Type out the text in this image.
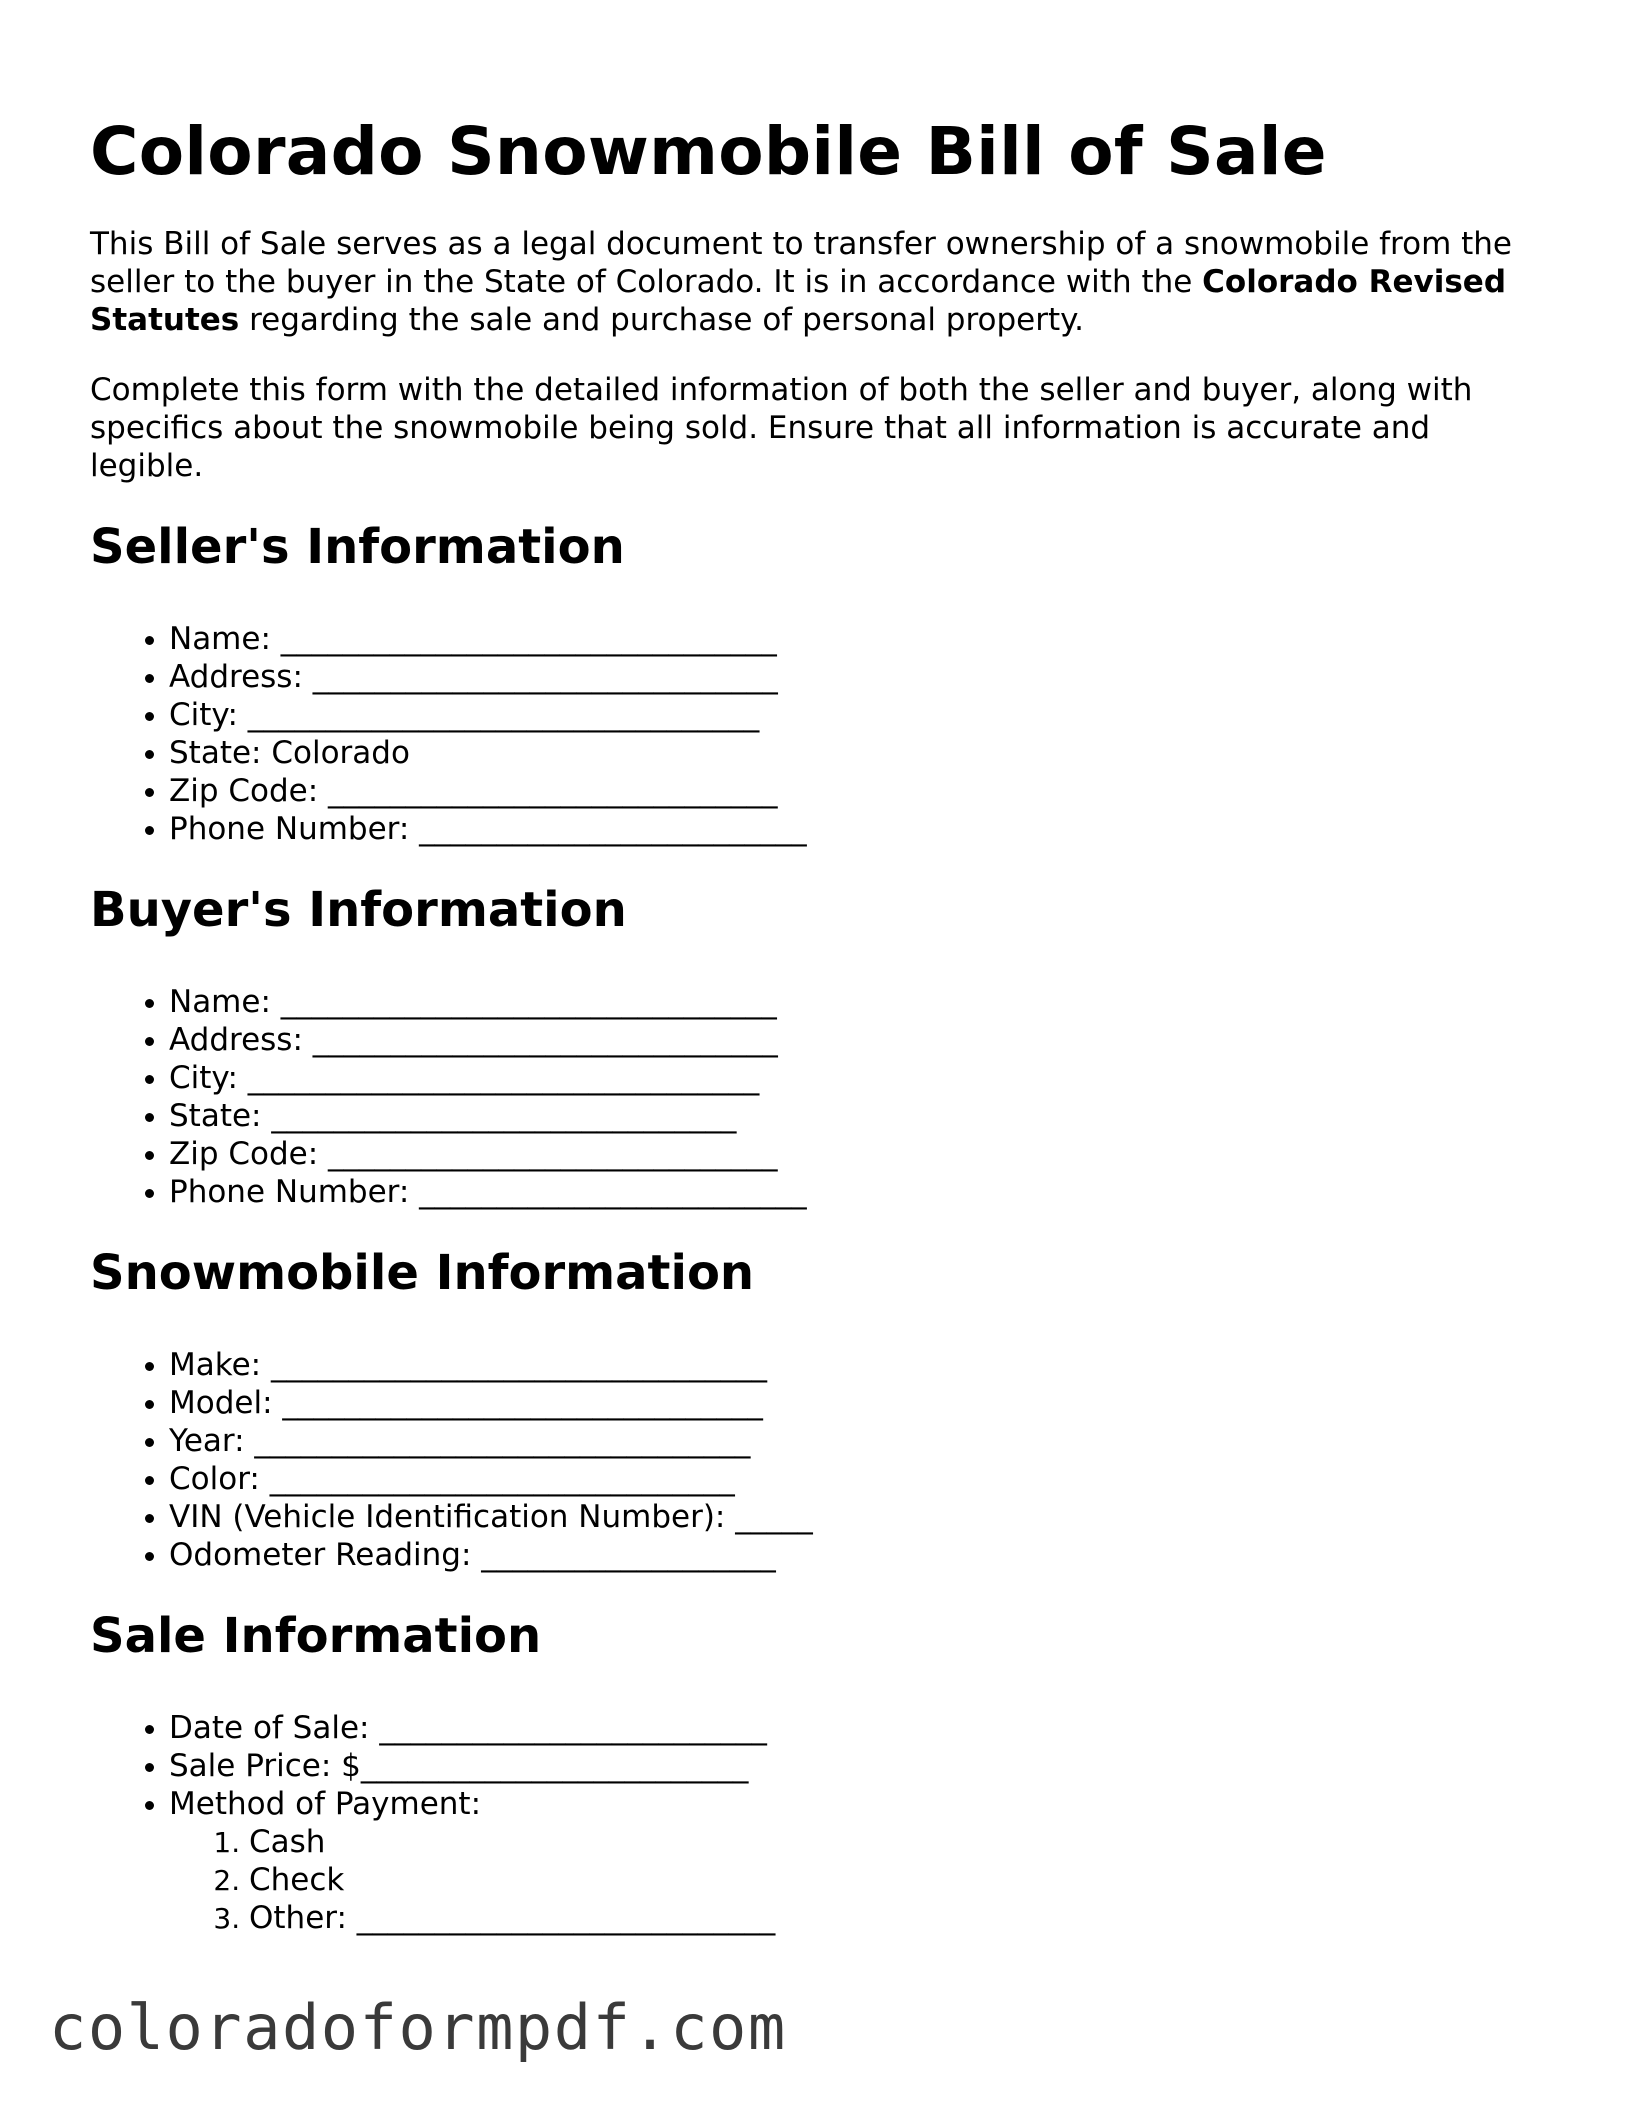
Colorado Snowmobile Bill of Sale

This Bill of Sale serves as a legal document to transfer ownership of a snowmobile from the seller to the buyer in the State of Colorado. It is in accordance with the Colorado Revised Statutes regarding the sale and purchase of personal property.

Complete this form with the detailed information of both the seller and buyer, along with specifics about the snowmobile being sold. Ensure that all information is accurate and legible.

Seller's Information
• Name: ________________________________
• Address: ______________________________
• City: _________________________________
• State: Colorado
• Zip Code: _____________________________
• Phone Number: _________________________
Buyer's Information
• Name: ________________________________
• Address: ______________________________
• City: _________________________________
• State: ______________________________
• Zip Code: _____________________________
• Phone Number: _________________________
Snowmobile Information
• Make: ________________________________
• Model: _______________________________
• Year: ________________________________
• Color: ______________________________
• VIN (Vehicle Identification Number): _____
• Odometer Reading: ___________________
Sale Information
• Date of Sale: _________________________
• Sale Price: $_________________________
• Method of Payment:
1. Cash
2. Check
3. Other: ___________________________
coloradoformpdf.com
